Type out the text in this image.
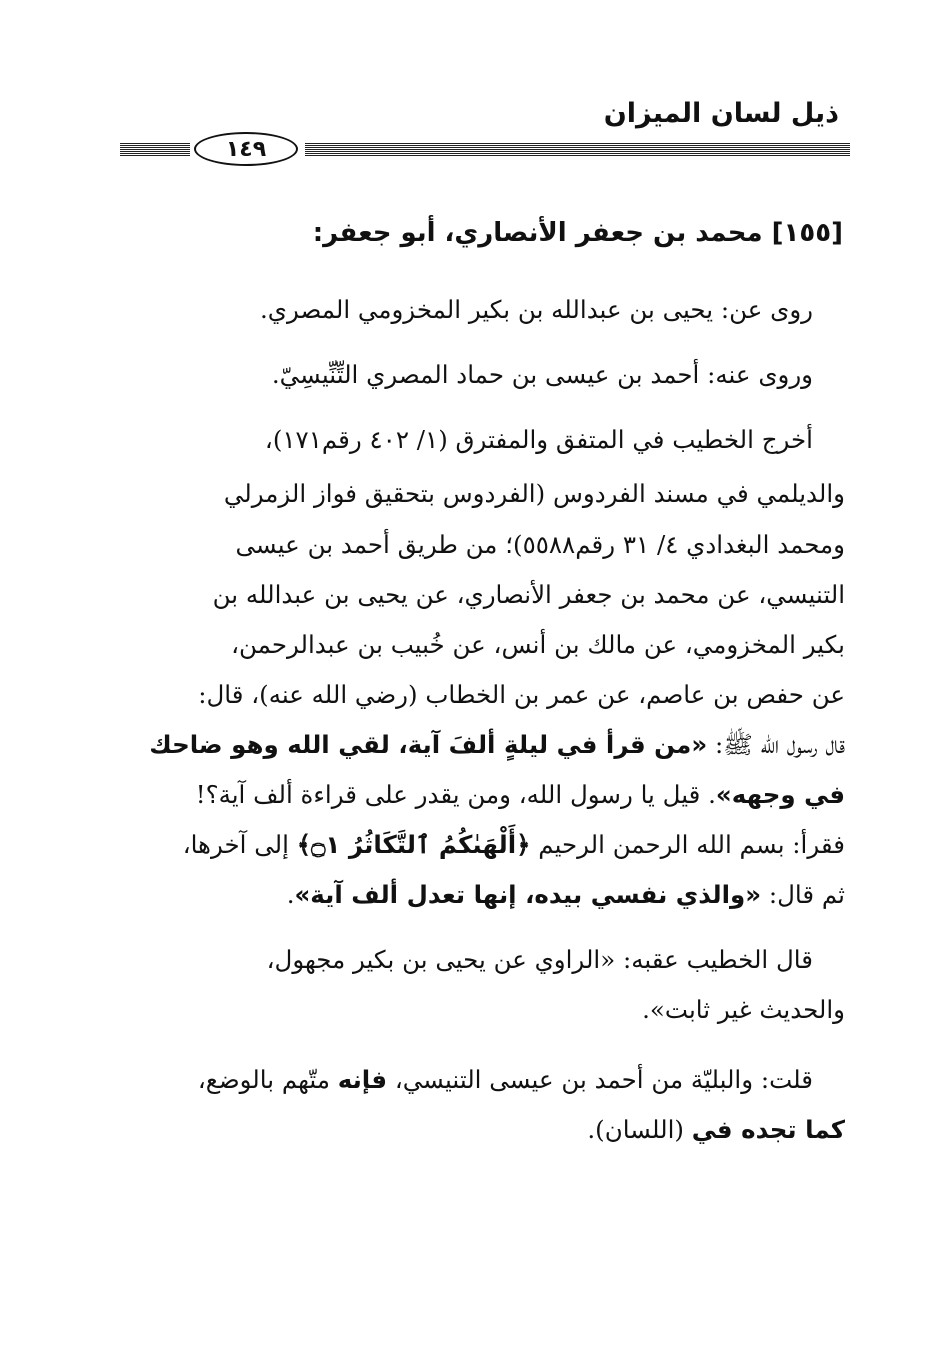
ذيل لسان الميزان
١٤٩
[١٥٥] محمد بن جعفر الأنصاري، أبو جعفر:
روى عن: يحيى بن عبدالله بن بكير المخزومي المصري.
وروى عنه: أحمد بن عيسى بن حماد المصري التِّنِّيسِيّ.
أخرج الخطيب في المتفق والمفترق (١/ ٤٠٢ رقم١٧١)،
والديلمي في مسند الفردوس (الفردوس بتحقيق فواز الزمرلي
ومحمد البغدادي ٤/ ٣١ رقم٥٥٨٨)؛ من طريق أحمد بن عيسى
التنيسي، عن محمد بن جعفر الأنصاري، عن يحيى بن عبدالله بن
بكير المخزومي، عن مالك بن أنس، عن خُبيب بن عبدالرحمن،
عن حفص بن عاصم، عن عمر بن الخطاب (رضي الله عنه)، قال:
قال رسول الله ﷺ: «من قرأ في ليلةٍ ألفَ آية، لقي الله وهو ضاحك
في وجهه». قيل يا رسول الله، ومن يقدر على قراءة ألف آية؟!
فقرأ: بسم الله الرحمن الرحيم ﴿أَلْهَىٰكُمُ ٱلتَّكَاثُرُ ۝١﴾ إلى آخرها،
ثم قال: «والذي نفسي بيده، إنها تعدل ألف آية».
قال الخطيب عقبه: «الراوي عن يحيى بن بكير مجهول،
والحديث غير ثابت».
قلت: والبليّة من أحمد بن عيسى التنيسي، فإنه متّهم بالوضع،
كما تجده في (اللسان).
